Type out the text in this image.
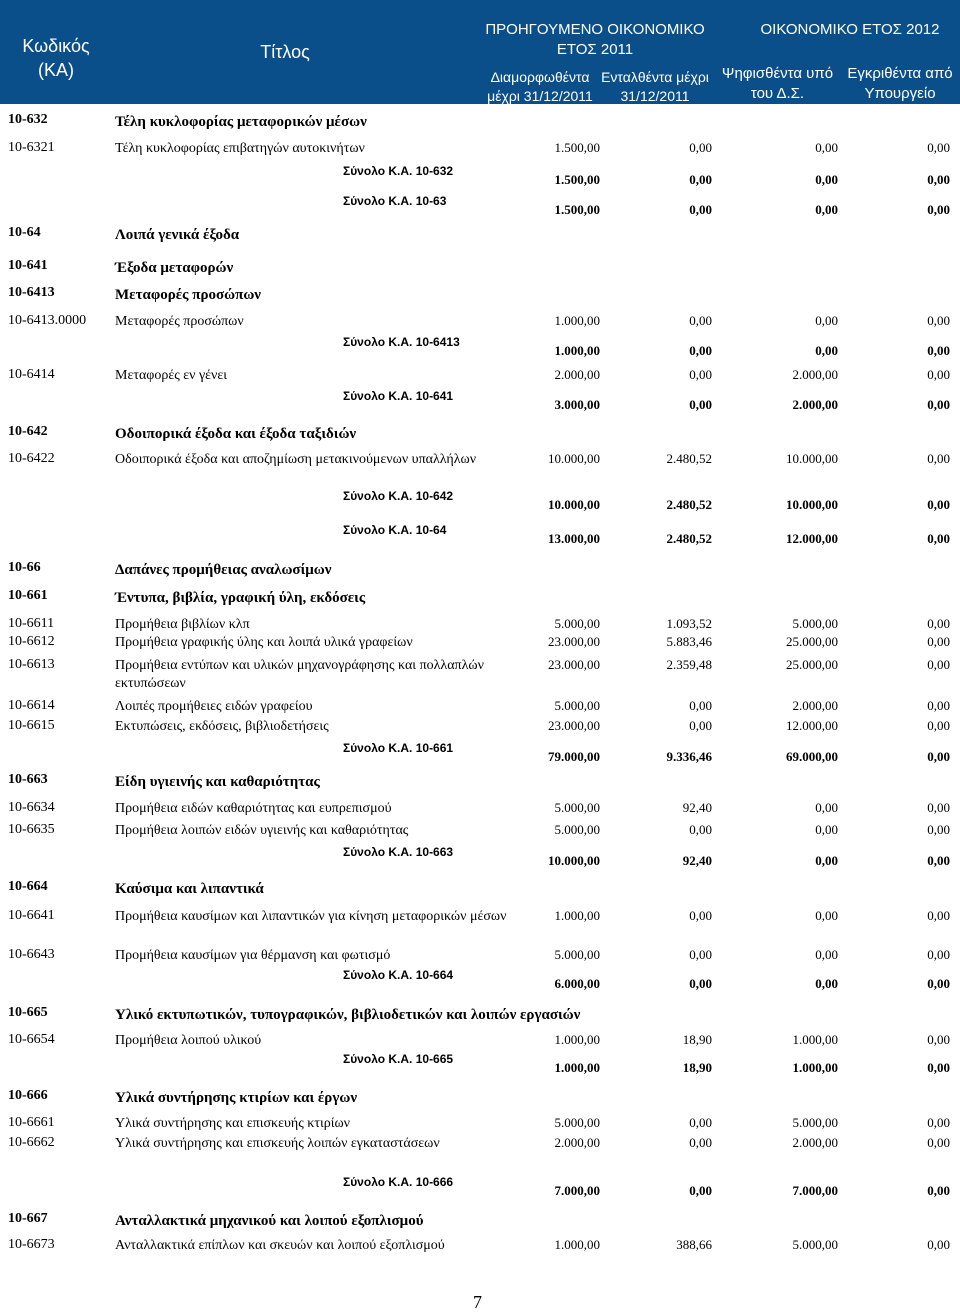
Κωδικός
(ΚΑ)
Τίτλος
ΠΡΟΗΓΟΥΜΕΝΟ ΟΙΚΟΝΟΜΙΚΟ
ΕΤΟΣ 2011
ΟΙΚΟΝΟΜΙΚΟ ΕΤΟΣ 2012
Διαμορφωθέντα
μέχρι 31/12/2011
Ενταλθέντα μέχρι
31/12/2011
Ψηφισθέντα υπό
του Δ.Σ.
Εγκριθέντα από
Υπουργείο
10-632	Τέλη κυκλοφορίας μεταφορικών μέσων
10-6321	Τέλη κυκλοφορίας επιβατηγών αυτοκινήτων	1.500,00	0,00	0,00	0,00
Σύνολο Κ.Α. 10-632
1.500,00	0,00	0,00	0,00
Σύνολο Κ.Α. 10-63
1.500,00	0,00	0,00	0,00
10-64	Λοιπά γενικά έξοδα
10-641	Έξοδα μεταφορών
10-6413	Μεταφορές προσώπων
10-6413.0000 Μεταφορές προσώπων	1.000,00	0,00	0,00	0,00
Σύνολο Κ.Α. 10-6413
1.000,00	0,00	0,00	0,00
10-6414	Μεταφορές εν γένει	2.000,00	0,00	2.000,00	0,00
Σύνολο Κ.Α. 10-641
3.000,00	0,00	2.000,00	0,00
10-642	Οδοιπορικά έξοδα και έξοδα ταξιδιών
10-6422	Οδοιπορικά έξοδα και αποζημίωση μετακινούμενων υπαλλήλων	10.000,00	2.480,52	10.000,00	0,00
Σύνολο Κ.Α. 10-642
10.000,00	2.480,52	10.000,00	0,00
Σύνολο Κ.Α. 10-64
13.000,00	2.480,52	12.000,00	0,00
10-66	Δαπάνες προμήθειας αναλωσίμων
10-661	Έντυπα, βιβλία, γραφική ύλη, εκδόσεις
10-6611	Προμήθεια βιβλίων κλπ	5.000,00	1.093,52	5.000,00	0,00
10-6612	Προμήθεια γραφικής ύλης και λοιπά υλικά γραφείων	23.000,00	5.883,46	25.000,00	0,00
10-6613	Προμήθεια εντύπων και υλικών μηχανογράφησης και πολλαπλών εκτυπώσεων
23.000,00	2.359,48	25.000,00	0,00
10-6614	Λοιπές προμήθειες ειδών γραφείου	5.000,00	0,00	2.000,00	0,00
10-6615	Εκτυπώσεις, εκδόσεις, βιβλιοδετήσεις	23.000,00	0,00	12.000,00	0,00
Σύνολο Κ.Α. 10-661
79.000,00	9.336,46	69.000,00	0,00
10-663	Είδη υγιεινής και καθαριότητας
10-6634	Προμήθεια ειδών καθαριότητας και ευπρεπισμού	5.000,00	92,40	0,00	0,00
10-6635	Προμήθεια λοιπών ειδών υγιεινής και καθαριότητας	5.000,00	0,00	0,00	0,00
Σύνολο Κ.Α. 10-663
10.000,00	92,40	0,00	0,00
10-664	Καύσιμα και λιπαντικά
10-6641	Προμήθεια καυσίμων και λιπαντικών για κίνηση μεταφορικών μέσων	1.000,00	0,00	0,00	0,00
10-6643	Προμήθεια καυσίμων για θέρμανση και φωτισμό	5.000,00	0,00	0,00	0,00
Σύνολο Κ.Α. 10-664
6.000,00	0,00	0,00	0,00
10-665	Υλικό εκτυπωτικών, τυπογραφικών, βιβλιοδετικών και λοιπών εργασιών
10-6654	Προμήθεια λοιπού υλικού	1.000,00	18,90	1.000,00	0,00
Σύνολο Κ.Α. 10-665
1.000,00	18,90	1.000,00	0,00
10-666	Υλικά συντήρησης κτιρίων και έργων
10-6661	Υλικά συντήρησης και επισκευής κτιρίων	5.000,00	0,00	5.000,00	0,00
10-6662	Υλικά συντήρησης και επισκευής λοιπών εγκαταστάσεων	2.000,00	0,00	2.000,00	0,00
Σύνολο Κ.Α. 10-666
7.000,00	0,00	7.000,00	0,00
10-667	Ανταλλακτικά μηχανικού και λοιπού εξοπλισμού
10-6673	Ανταλλακτικά επίπλων και σκευών και λοιπού εξοπλισμού	1.000,00	388,66	5.000,00	0,00
7
